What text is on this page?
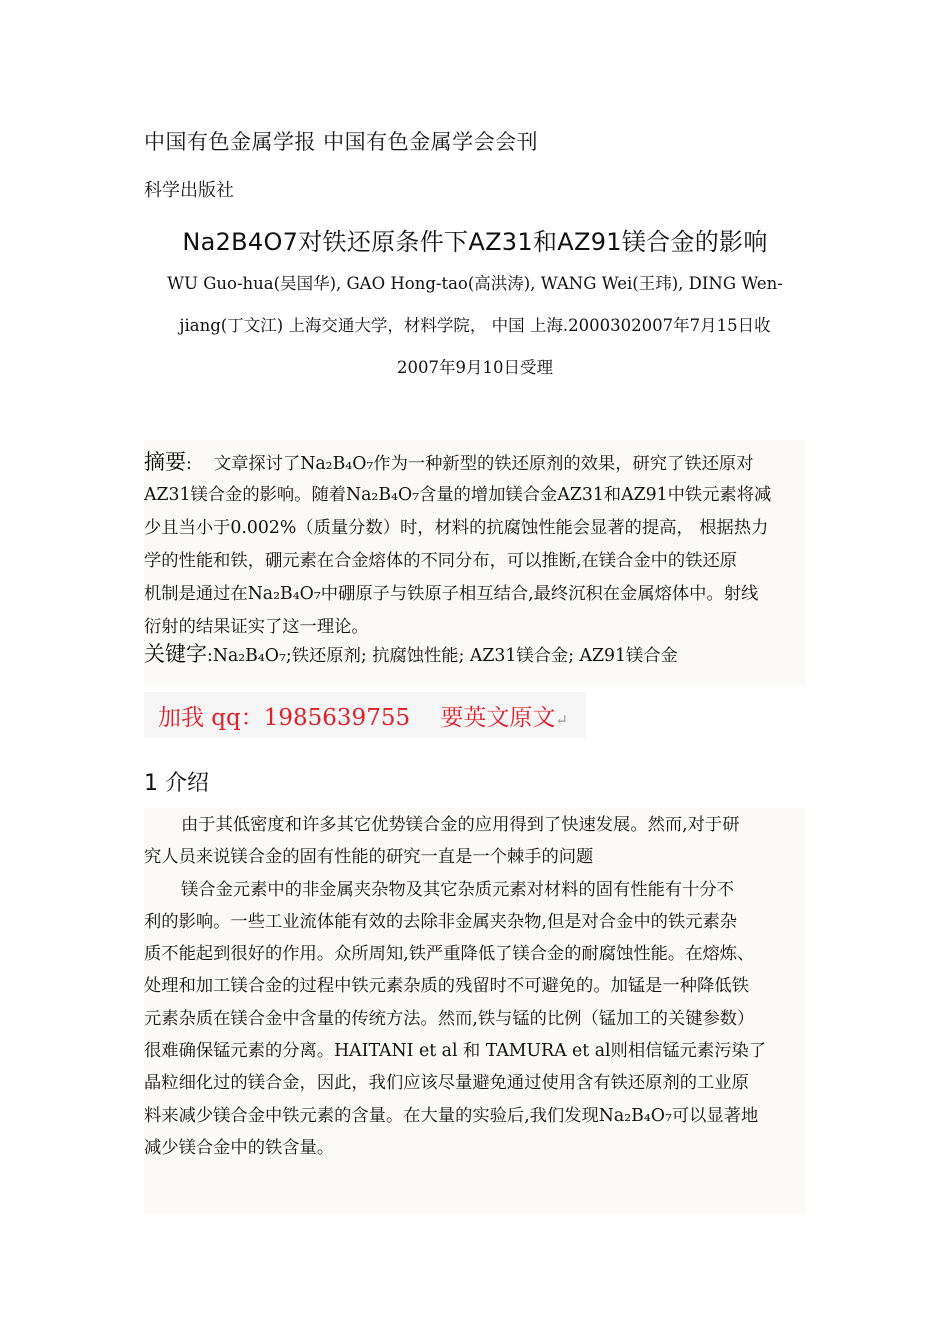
中国有色金属学报 中国有色金属学会会刊
科学出版社
Na2B4O7对铁还原条件下AZ31和AZ91镁合金的影响
WU Guo-hua(吴国华), GAO Hong-tao(高洪涛), WANG Wei(王玮), DING Wen-
jiang(丁文江) 上海交通大学，材料学院， 中国 上海.2000302007年7月15日收
2007年9月10日受理
摘要: 文章探讨了Na₂B₄O₇作为一种新型的铁还原剂的效果，研究了铁还原对
AZ31镁合金的影响。随着Na₂B₄O₇含量的增加镁合金AZ31和AZ91中铁元素将减
少且当小于0.002%（质量分数）时，材料的抗腐蚀性能会显著的提高， 根据热力
学的性能和铁，硼元素在合金熔体的不同分布，可以推断,在镁合金中的铁还原
机制是通过在Na₂B₄O₇中硼原子与铁原子相互结合,最终沉积在金属熔体中。射线
衍射的结果证实了这一理论。
关键字:Na₂B₄O₇;铁还原剂; 抗腐蚀性能; AZ31镁合金; AZ91镁合金
加我 qq：1985639755　 要英文原文↵
1 介绍
由于其低密度和许多其它优势镁合金的应用得到了快速发展。然而,对于研
究人员来说镁合金的固有性能的研究一直是一个棘手的问题
镁合金元素中的非金属夹杂物及其它杂质元素对材料的固有性能有十分不
利的影响。一些工业流体能有效的去除非金属夹杂物,但是对合金中的铁元素杂
质不能起到很好的作用。众所周知,铁严重降低了镁合金的耐腐蚀性能。在熔炼、
处理和加工镁合金的过程中铁元素杂质的残留时不可避免的。加锰是一种降低铁
元素杂质在镁合金中含量的传统方法。然而,铁与锰的比例（锰加工的关键参数）
很难确保锰元素的分离。HAITANI et al 和 TAMURA et al则相信锰元素污染了
晶粒细化过的镁合金，因此，我们应该尽量避免通过使用含有铁还原剂的工业原
料来减少镁合金中铁元素的含量。在大量的实验后,我们发现Na₂B₄O₇可以显著地
减少镁合金中的铁含量。
